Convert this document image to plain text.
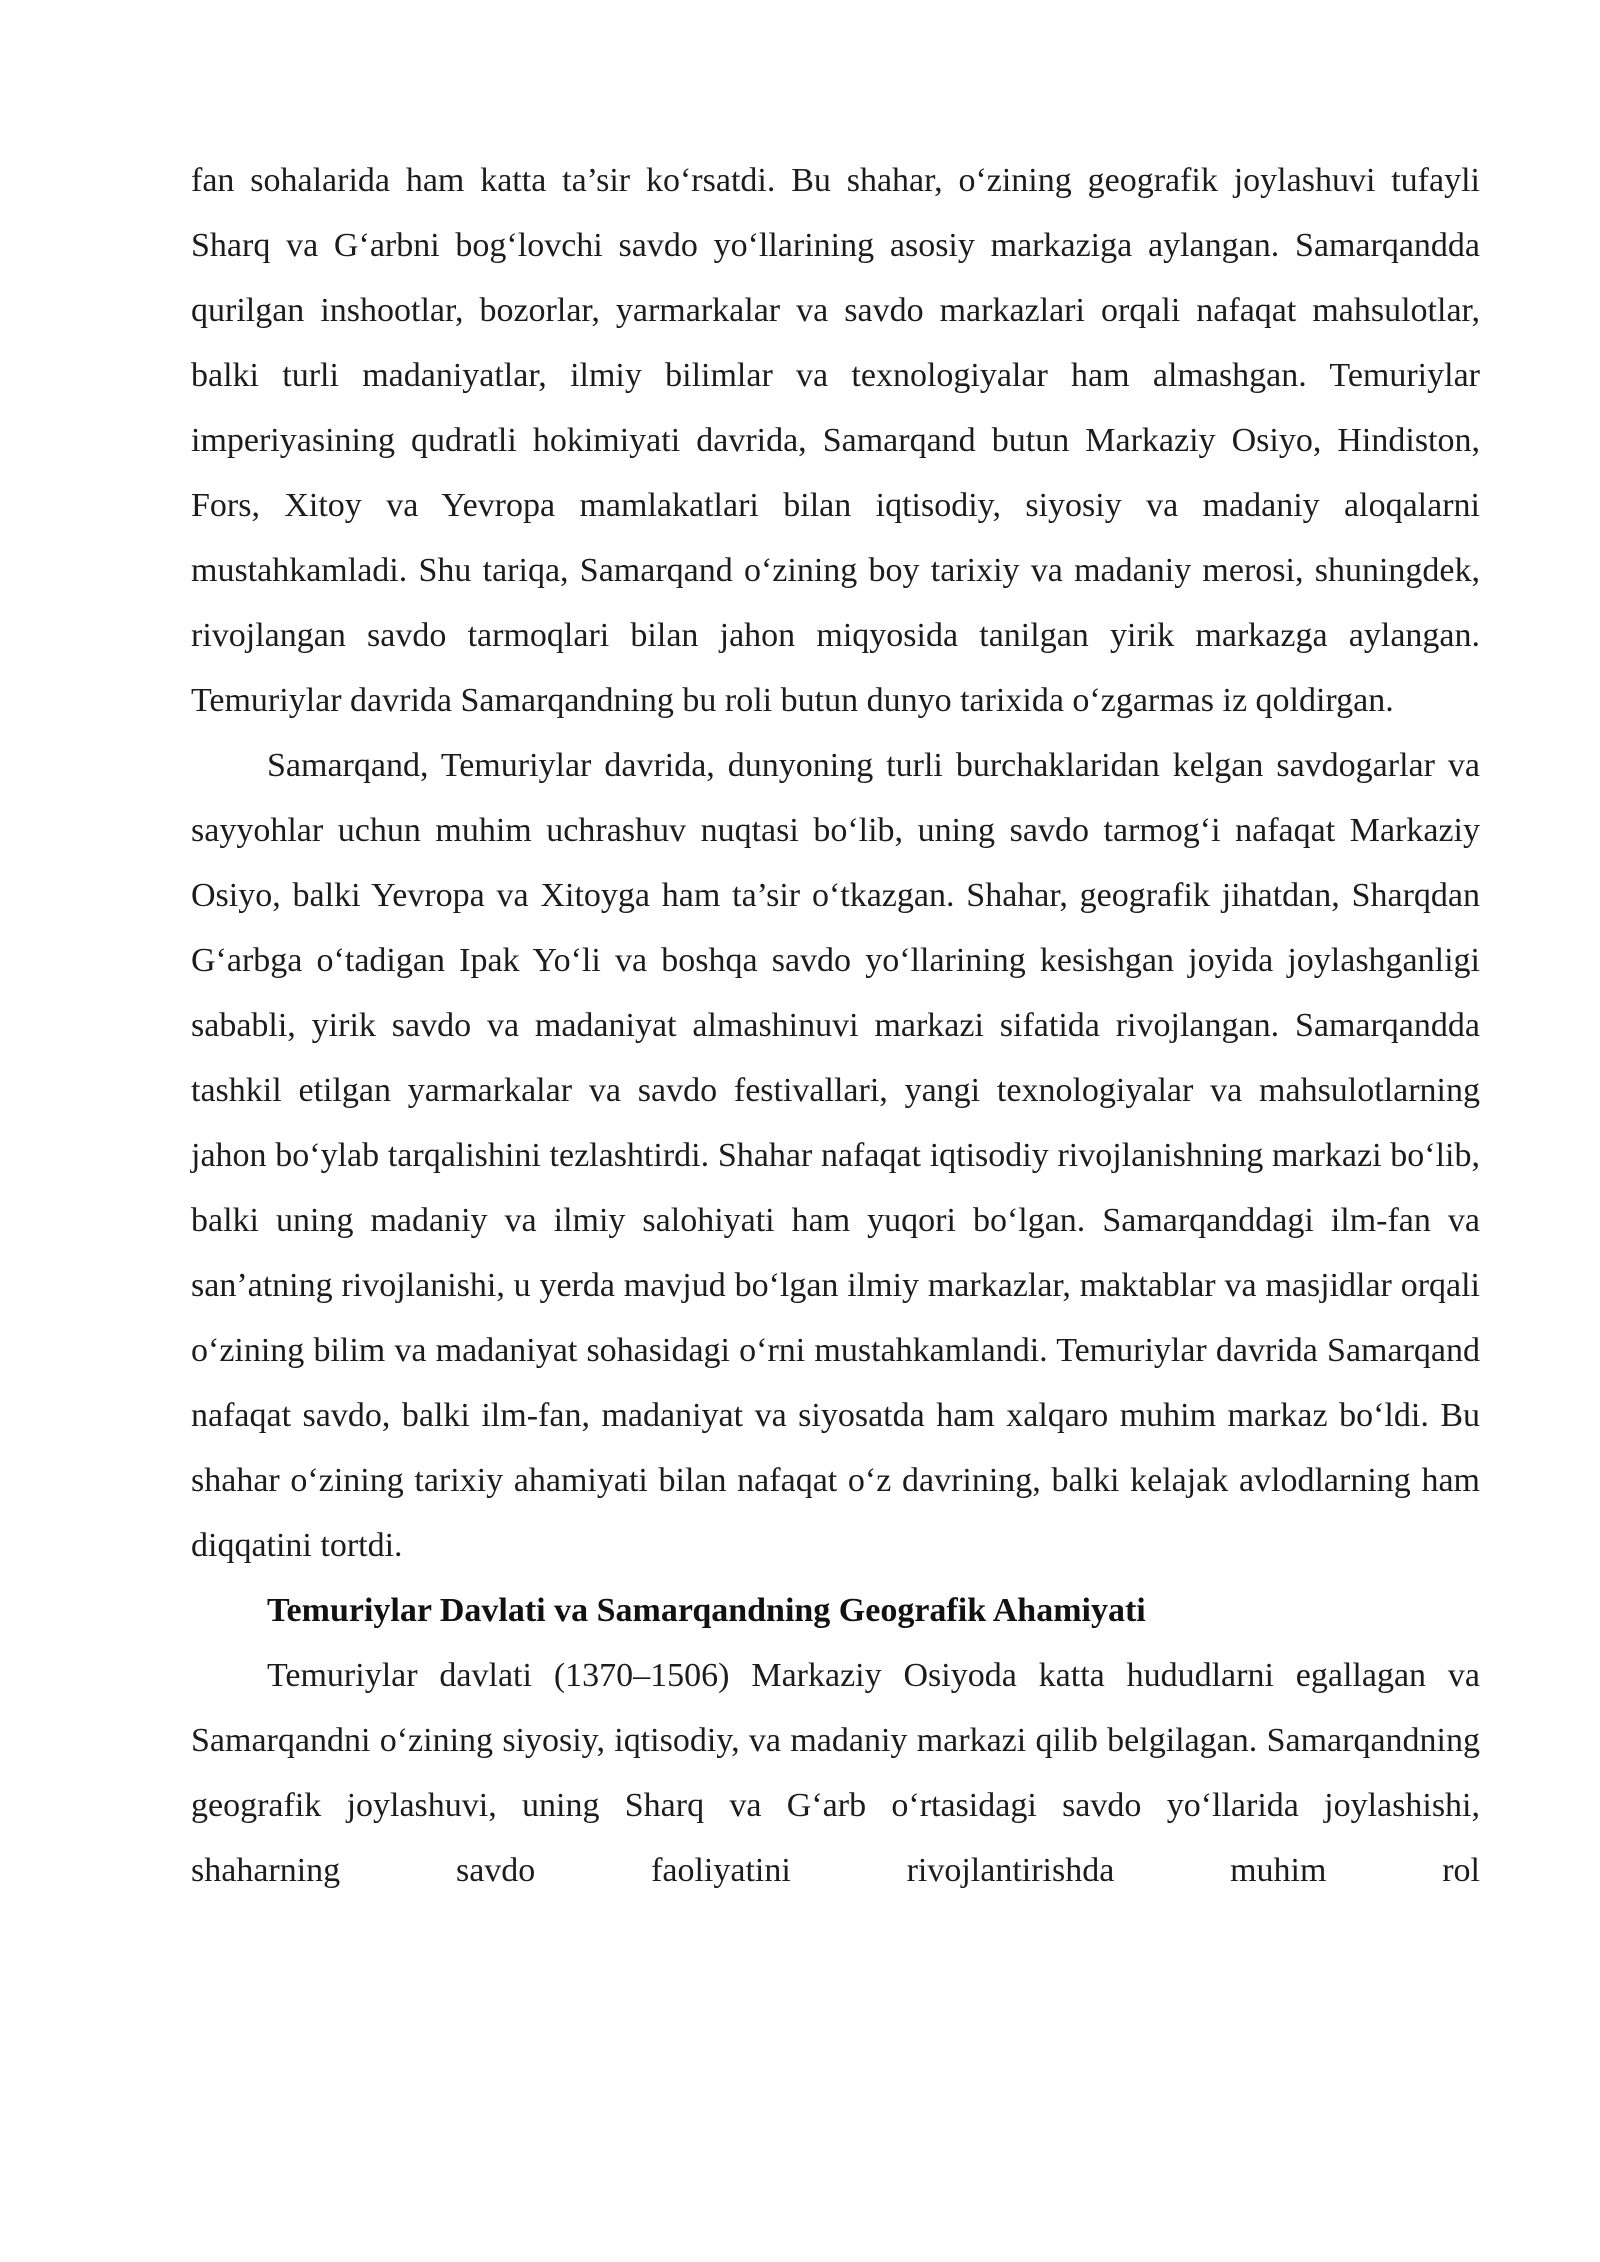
fan sohalarida ham katta ta’sir ko‘rsatdi. Bu shahar, o‘zining geografik joylashuvi tufayli Sharq va G‘arbni bog‘lovchi savdo yo‘llarining asosiy markaziga aylangan. Samarqandda qurilgan inshootlar, bozorlar, yarmarkalar va savdo markazlari orqali nafaqat mahsulotlar, balki turli madaniyatlar, ilmiy bilimlar va texnologiyalar ham almashgan. Temuriylar imperiyasining qudratli hokimiyati davrida, Samarqand butun Markaziy Osiyo, Hindiston, Fors, Xitoy va Yevropa mamlakatlari bilan iqtisodiy, siyosiy va madaniy aloqalarni mustahkamladi. Shu tariqa, Samarqand o‘zining boy tarixiy va madaniy merosi, shuningdek, rivojlangan savdo tarmoqlari bilan jahon miqyosida tanilgan yirik markazga aylangan. Temuriylar davrida Samarqandning bu roli butun dunyo tarixida o‘zgarmas iz qoldirgan.

Samarqand, Temuriylar davrida, dunyoning turli burchaklaridan kelgan savdogarlar va sayyohlar uchun muhim uchrashuv nuqtasi bo‘lib, uning savdo tarmog‘i nafaqat Markaziy Osiyo, balki Yevropa va Xitoyga ham ta’sir o‘tkazgan. Shahar, geografik jihatdan, Sharqdan G‘arbga o‘tadigan Ipak Yo‘li va boshqa savdo yo‘llarining kesishgan joyida joylashganligi sababli, yirik savdo va madaniyat almashinuvi markazi sifatida rivojlangan. Samarqandda tashkil etilgan yarmarkalar va savdo festivallari, yangi texnologiyalar va mahsulotlarning jahon bo‘ylab tarqalishini tezlashtirdi. Shahar nafaqat iqtisodiy rivojlanishning markazi bo‘lib, balki uning madaniy va ilmiy salohiyati ham yuqori bo‘lgan. Samarqanddagi ilm-fan va san’atning rivojlanishi, u yerda mavjud bo‘lgan ilmiy markazlar, maktablar va masjidlar orqali o‘zining bilim va madaniyat sohasidagi o‘rni mustahkamlandi. Temuriylar davrida Samarqand nafaqat savdo, balki ilm-fan, madaniyat va siyosatda ham xalqaro muhim markaz bo‘ldi. Bu shahar o‘zining tarixiy ahamiyati bilan nafaqat o‘z davrining, balki kelajak avlodlarning ham diqqatini tortdi.

Temuriylar Davlati va Samarqandning Geografik Ahamiyati

Temuriylar davlati (1370–1506) Markaziy Osiyoda katta hududlarni egallagan va Samarqandni o‘zining siyosiy, iqtisodiy, va madaniy markazi qilib belgilagan. Samarqandning geografik joylashuvi, uning Sharq va G‘arb o‘rtasidagi savdo yo‘llarida joylashishi, shaharning savdo faoliyatini rivojlantirishda muhim rol
